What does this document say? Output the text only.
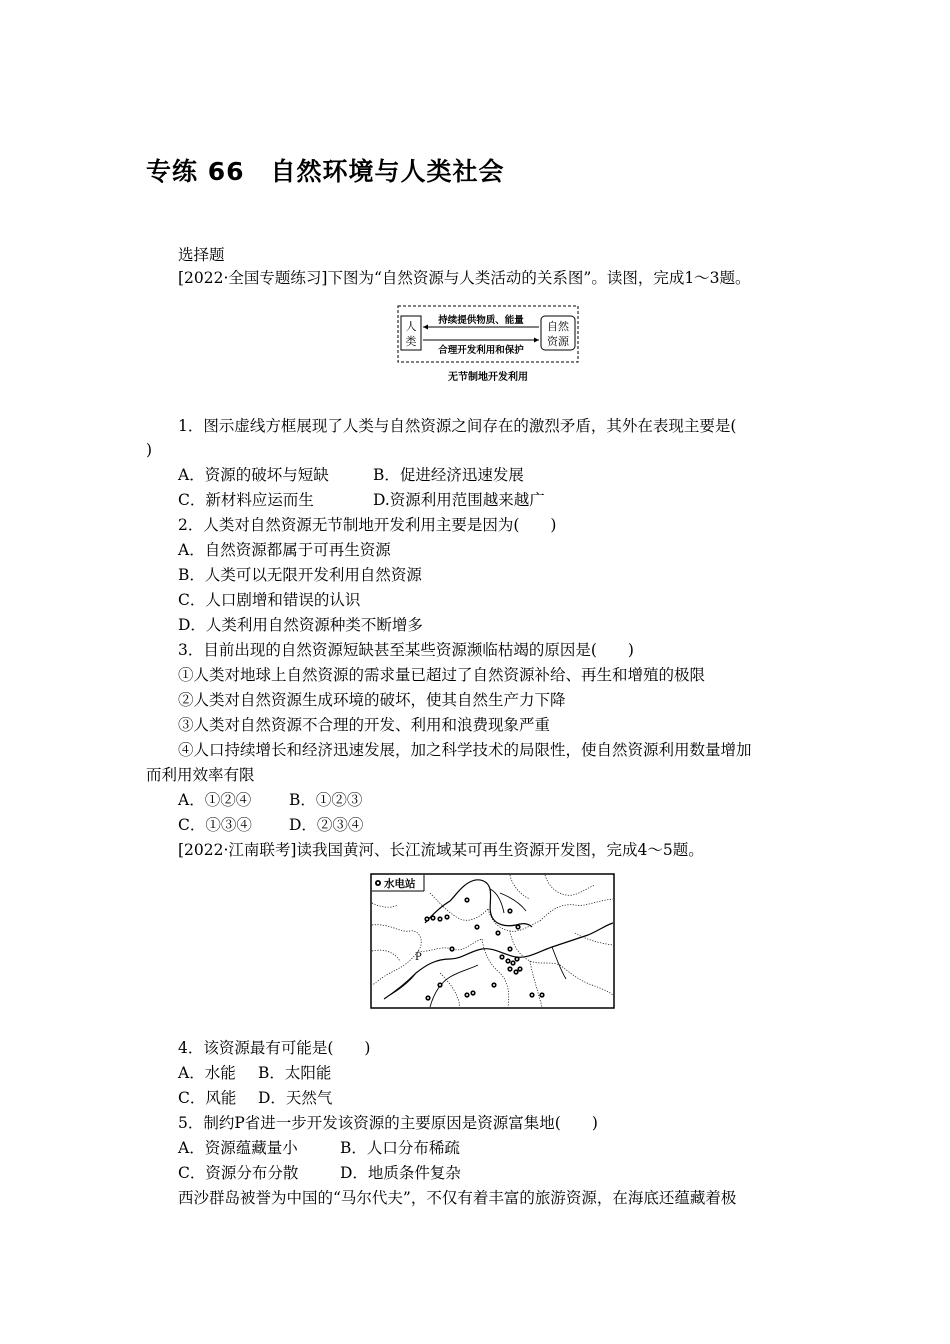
专练 66　自然环境与人类社会
选择题
[2022·全国专题练习]下图为“自然资源与人类活动的关系图”。读图，完成1～3题。
人
类
自然
资源
持续提供物质、能量
合理开发利用和保护
无节制地开发利用
1．图示虚线方框展现了人类与自然资源之间存在的激烈矛盾，其外在表现主要是(
)
A．资源的破坏与短缺	B．促进经济迅速发展
C．新材料应运而生	D.资源利用范围越来越广
2．人类对自然资源无节制地开发利用主要是因为(　　)
A．自然资源都属于可再生资源
B．人类可以无限开发利用自然资源
C．人口剧增和错误的认识
D．人类利用自然资源种类不断增多
3．目前出现的自然资源短缺甚至某些资源濒临枯竭的原因是(　　)
①人类对地球上自然资源的需求量已超过了自然资源补给、再生和增殖的极限
②人类对自然资源生成环境的破坏，使其自然生产力下降
③人类对自然资源不合理的开发、利用和浪费现象严重
④人口持续增长和经济迅速发展，加之科学技术的局限性，使自然资源利用数量增加
而利用效率有限
A．①②④ B．①②③
C．①③④ D．②③④
[2022·江南联考]读我国黄河、长江流域某可再生资源开发图，完成4～5题。
水电站
P
4．该资源最有可能是(　　)
A．水能 B．太阳能
C．风能 D．天然气
5．制约P省进一步开发该资源的主要原因是资源富集地(　　)
A．资源蕴藏量小	B．人口分布稀疏
C．资源分布分散	D．地质条件复杂
西沙群岛被誉为中国的“马尔代夫”，不仅有着丰富的旅游资源，在海底还蕴藏着极
